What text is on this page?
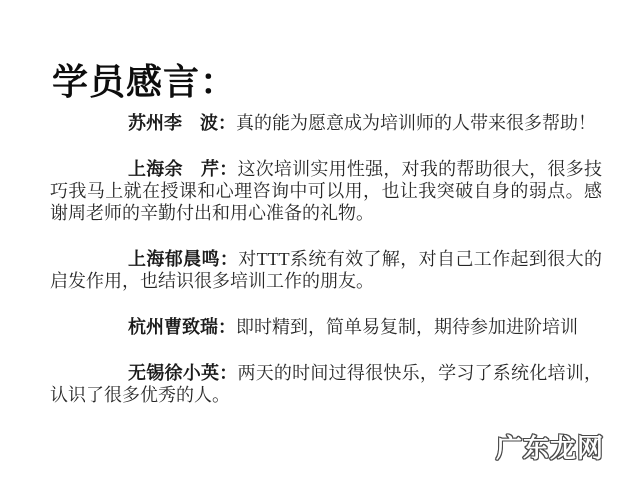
学员感言：

苏州李　波：真的能为愿意成为培训师的人带来很多帮助！

上海余　芹：这次培训实用性强，对我的帮助很大，很多技巧我马上就在授课和心理咨询中可以用，也让我突破自身的弱点。感谢周老师的辛勤付出和用心准备的礼物。

上海郁晨鸣：对TTT系统有效了解，对自己工作起到很大的启发作用，也结识很多培训工作的朋友。

杭州曹致瑞：即时精到，简单易复制，期待参加进阶培训

无锡徐小英：两天的时间过得很快乐，学习了系统化培训，认识了很多优秀的人。

广东龙网
